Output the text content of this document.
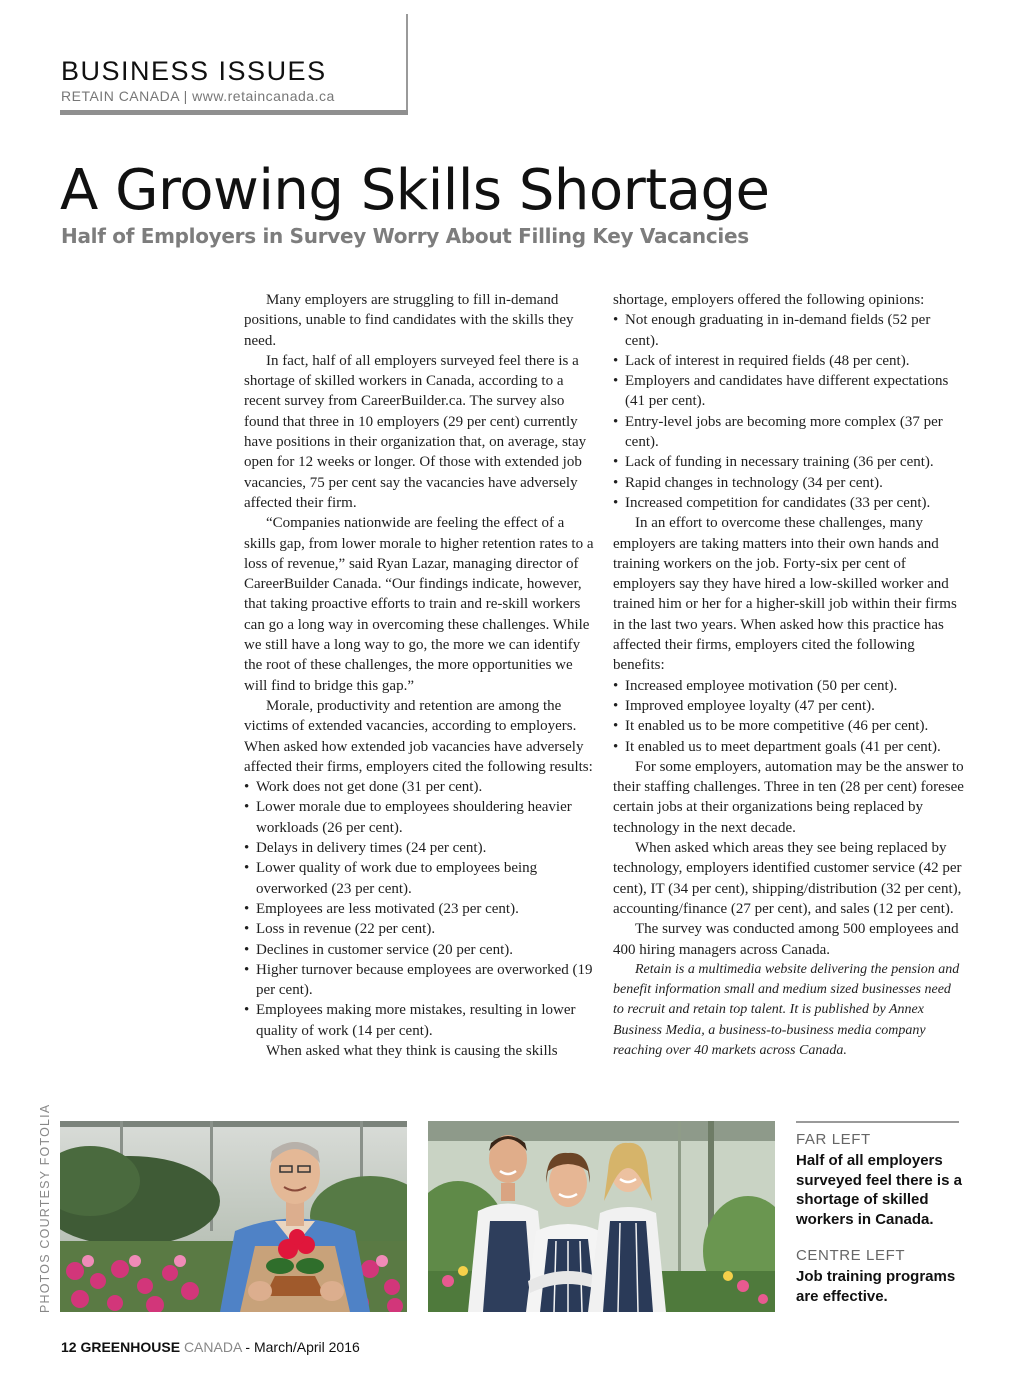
BUSINESS ISSUES
RETAIN CANADA | www.retaincanada.ca
A Growing Skills Shortage
Half of Employers in Survey Worry About Filling Key Vacancies

Many employers are struggling to fill in-demand positions, unable to find candidates with the skills they need.

In fact, half of all employers surveyed feel there is a shortage of skilled workers in Canada, according to a recent survey from CareerBuilder.ca. The survey also found that three in 10 employers (29 per cent) currently have positions in their organization that, on average, stay open for 12 weeks or longer. Of those with extended job vacancies, 75 per cent say the vacancies have adversely affected their firm.

“Companies nationwide are feeling the effect of a skills gap, from lower morale to higher retention rates to a loss of revenue,” said Ryan Lazar, managing director of CareerBuilder Canada. “Our findings indicate, however, that taking proactive efforts to train and re-skill workers can go a long way in overcoming these challenges. While we still have a long way to go, the more we can identify the root of these challenges, the more opportunities we will find to bridge this gap.”

Morale, productivity and retention are among the victims of extended vacancies, according to employers. When asked how extended job vacancies have adversely affected their firms, employers cited the following results:

• Work does not get done (31 per cent).
• Lower morale due to employees shouldering heavier workloads (26 per cent).
• Delays in delivery times (24 per cent).
• Lower quality of work due to employees being overworked (23 per cent).
• Employees are less motivated (23 per cent).
• Loss in revenue (22 per cent).
• Declines in customer service (20 per cent).
• Higher turnover because employees are overworked (19 per cent).
• Employees making more mistakes, resulting in lower quality of work (14 per cent).

When asked what they think is causing the skills

shortage, employers offered the following opinions:

• Not enough graduating in in-demand fields (52 per cent).
• Lack of interest in required fields (48 per cent).
• Employers and candidates have different expectations (41 per cent).
• Entry-level jobs are becoming more complex (37 per cent).
• Lack of funding in necessary training (36 per cent).
• Rapid changes in technology (34 per cent).
• Increased competition for candidates (33 per cent).

In an effort to overcome these challenges, many employers are taking matters into their own hands and training workers on the job. Forty-six per cent of employers say they have hired a low-skilled worker and trained him or her for a higher-skill job within their firms in the last two years. When asked how this practice has affected their firms, employers cited the following benefits:

• Increased employee motivation (50 per cent).
• Improved employee loyalty (47 per cent).
• It enabled us to be more competitive (46 per cent).
• It enabled us to meet department goals (41 per cent).

For some employers, automation may be the answer to their staffing challenges. Three in ten (28 per cent) foresee certain jobs at their organizations being replaced by technology in the next decade.

When asked which areas they see being replaced by technology, employers identified customer service (42 per cent), IT (34 per cent), shipping/distribution (32 per cent), accounting/finance (27 per cent), and sales (12 per cent).

The survey was conducted among 500 employees and 400 hiring managers across Canada.

Retain is a multimedia website delivering the pension and benefit information small and medium sized businesses need to recruit and retain top talent. It is published by Annex Business Media, a business-to-business media company reaching over 40 markets across Canada.

PHOTOS COURTESY FOTOLIA	FAR LEFT
Half of all employers surveyed feel there is a shortage of skilled workers in Canada.
CENTRE LEFT
Job training programs are effective.
12 GREENHOUSE CANADA - March/April 2016
